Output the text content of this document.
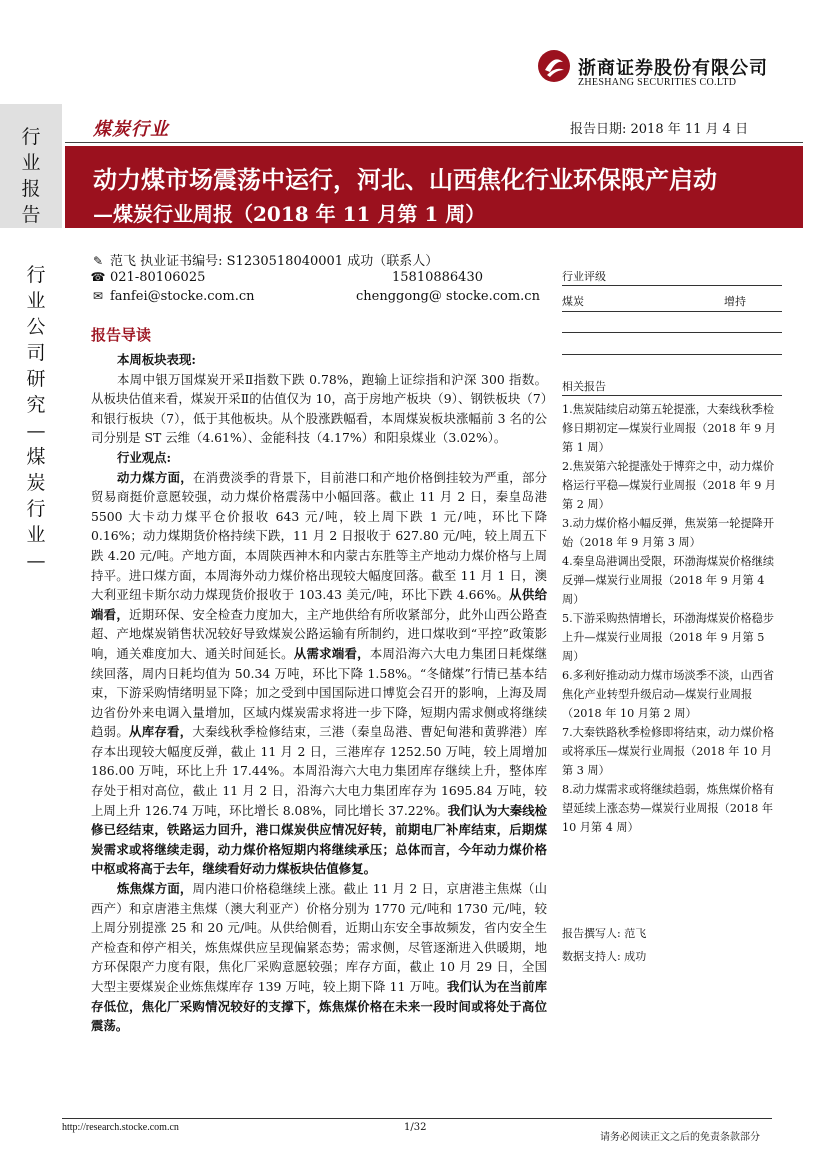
浙商证券股份有限公司
ZHESHANG SECURITIES CO.LTD
行
业
报
告
行业公司研究—煤炭行业—
煤炭行业	报告日期: 2018 年 11 月 4 日
动力煤市场震荡中运行，河北、山西焦化行业环保限产启动
—煤炭行业周报（2018 年 11 月第 1 周）
✎ 范飞 执业证书编号: S1230518040001 成功（联系人）
☎ 021-80106025	15810886430
✉ fanfei@stocke.com.cn	chenggong@ stocke.com.cn
行业评级
煤炭	增持
相关报告
1.焦炭陆续启动第五轮提涨，大秦线秋季检修日期初定—煤炭行业周报（2018 年 9 月第 1 周）
2.焦炭第六轮提涨处于博弈之中，动力煤价格运行平稳—煤炭行业周报（2018 年 9 月第 2 周）
3.动力煤价格小幅反弹，焦炭第一轮提降开始（2018 年 9 月第 3 周）
4.秦皇岛港调出受限，环渤海煤炭价格继续反弹—煤炭行业周报（2018 年 9 月第 4 周）
5.下游采购热情增长，环渤海煤炭价格稳步上升—煤炭行业周报（2018 年 9 月第 5 周）
6.多利好推动动力煤市场淡季不淡，山西省焦化产业转型升级启动—煤炭行业周报（2018 年 10 月第 2 周）
7.大秦铁路秋季检修即将结束，动力煤价格或将承压—煤炭行业周报（2018 年 10 月第 3 周）
8.动力煤需求或将继续趋弱，炼焦煤价格有望延续上涨态势—煤炭行业周报（2018 年 10 月第 4 周）
报告撰写人: 范飞
数据支持人: 成功
报告导读

本周板块表现:

本周中银万国煤炭开采Ⅱ指数下跌 0.78%，跑输上证综指和沪深 300 指数。从板块估值来看，煤炭开采Ⅱ的估值仅为 10，高于房地产板块（9）、钢铁板块（7）和银行板块（7），低于其他板块。从个股涨跌幅看，本周煤炭板块涨幅前 3 名的公司分别是 ST 云维（4.61%）、金能科技（4.17%）和阳泉煤业（3.02%）。

行业观点:

动力煤方面，在消费淡季的背景下，目前港口和产地价格倒挂较为严重，部分贸易商挺价意愿较强，动力煤价格震荡中小幅回落。截止 11 月 2 日，秦皇岛港 5500 大卡动力煤平仓价报收 643 元/吨，较上周下跌 1 元/吨，环比下降 0.16%；动力煤期货价格持续下跌，11 月 2 日报收于 627.80 元/吨，较上周五下跌 4.20 元/吨。产地方面，本周陕西神木和内蒙古东胜等主产地动力煤价格与上周持平。进口煤方面，本周海外动力煤价格出现较大幅度回落。截至 11 月 1 日，澳大利亚纽卡斯尔动力煤现货价报收于 103.43 美元/吨，环比下跌 4.66%。从供给端看，近期环保、安全检查力度加大，主产地供给有所收紧部分，此外山西公路查超、产地煤炭销售状况较好导致煤炭公路运输有所制约，进口煤收到“平控”政策影响，通关难度加大、通关时间延长。从需求端看，本周沿海六大电力集团日耗煤继续回落，周内日耗均值为 50.34 万吨，环比下降 1.58%。“冬储煤”行情已基本结束，下游采购情绪明显下降；加之受到中国国际进口博览会召开的影响，上海及周边省份外来电调入量增加，区域内煤炭需求将进一步下降，短期内需求侧或将继续趋弱。从库存看，大秦线秋季检修结束，三港（秦皇岛港、曹妃甸港和黄骅港）库存本出现较大幅度反弹，截止 11 月 2 日，三港库存 1252.50 万吨，较上周增加 186.00 万吨，环比上升 17.44%。本周沿海六大电力集团库存继续上升，整体库存处于相对高位，截止 11 月 2 日，沿海六大电力集团库存为 1695.84 万吨，较上周上升 126.74 万吨，环比增长 8.08%，同比增长 37.22%。我们认为大秦线检修已经结束，铁路运力回升，港口煤炭供应情况好转，前期电厂补库结束，后期煤炭需求或将继续走弱，动力煤价格短期内将继续承压；总体而言，今年动力煤价格中枢或将高于去年，继续看好动力煤板块估值修复。

炼焦煤方面，周内港口价格稳继续上涨。截止 11 月 2 日，京唐港主焦煤（山西产）和京唐港主焦煤（澳大利亚产）价格分别为 1770 元/吨和 1730 元/吨，较上周分别提涨 25 和 20 元/吨。从供给侧看，近期山东安全事故频发，省内安全生产检查和停产相关，炼焦煤供应呈现偏紧态势；需求侧，尽管逐渐进入供暖期，地方环保限产力度有限，焦化厂采购意愿较强；库存方面，截止 10 月 29 日，全国大型主要煤炭企业炼焦煤库存 139 万吨，较上期下降 11 万吨。我们认为在当前库存低位，焦化厂采购情况较好的支撑下，炼焦煤价格在未来一段时间或将处于高位震荡。

http://research.stocke.com.cn	1/32
请务必阅读正文之后的免责条款部分
